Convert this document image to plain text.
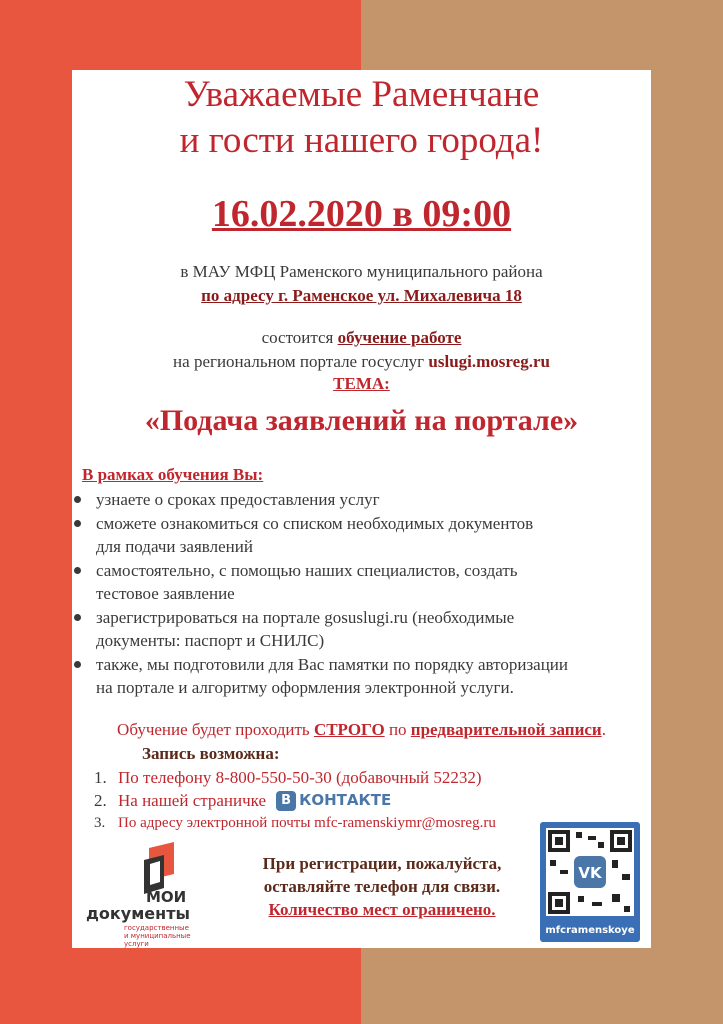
Уважаемые Раменчане
и гости нашего города!
16.02.2020 в 09:00
в МАУ МФЦ Раменского муниципального района
по адресу г. Раменское ул. Михалевича 18
состоится обучение работе
на региональном портале госуслуг uslugi.mosreg.ru
ТЕМА:
«Подача заявлений на портале»
В рамках обучения Вы:
узнаете о сроках предоставления услуг
сможете ознакомиться со списком необходимых документов
для подачи заявлений
самостоятельно, с помощью наших специалистов, создать
тестовое заявление
зарегистрироваться на портале gosuslugi.ru (необходимые
документы: паспорт и СНИЛС)
также, мы подготовили для Вас памятки по порядку авторизации
на портале и алгоритму оформления электронной услуги.
Обучение будет проходить СТРОГО по предварительной записи.
Запись возможна:
1. По телефону 8-800-550-50-30 (добавочный 52232)
2. На нашей страничке	В КОНТАКТЕ
3. По адресу электронной почты mfc-ramenskiymr@mosreg.ru
МОИ
документы
государственные
и муниципальные услуги
При регистрации, пожалуйста,
оставляйте телефон для связи.
Количество мест ограничено.
VK
mfcramenskoye
